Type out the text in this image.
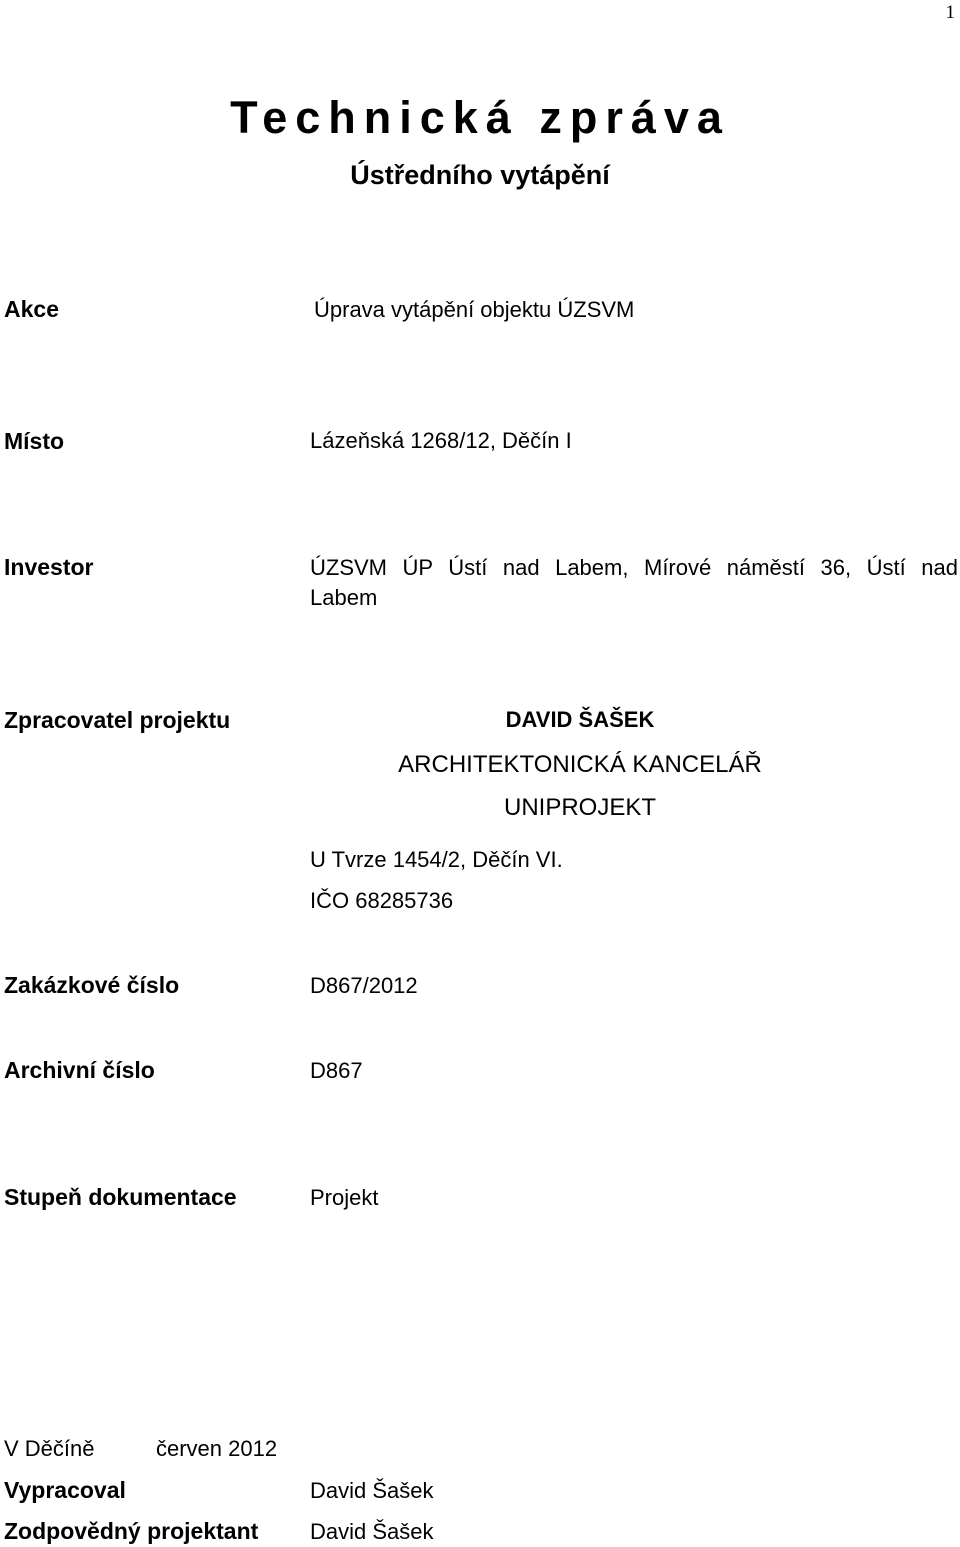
1
Technická zpráva
Ústředního vytápění
Akce	Úprava vytápění objektu ÚZSVM
Místo	Lázeňská 1268/12, Děčín I
Investor	ÚZSVM ÚP Ústí nad Labem, Mírové náměstí 36, Ústí nad Labem
Zpracovatel projektu	DAVID ŠAŠEK
ARCHITEKTONICKÁ KANCELÁŘ
UNIPROJEKT
U Tvrze 1454/2, Děčín VI.
IČO 68285736
Zakázkové číslo	D867/2012
Archivní číslo	D867
Stupeň dokumentace	Projekt
V Děčíně	červen 2012
Vypracoval	David Šašek
Zodpovědný projektant David Šašek
